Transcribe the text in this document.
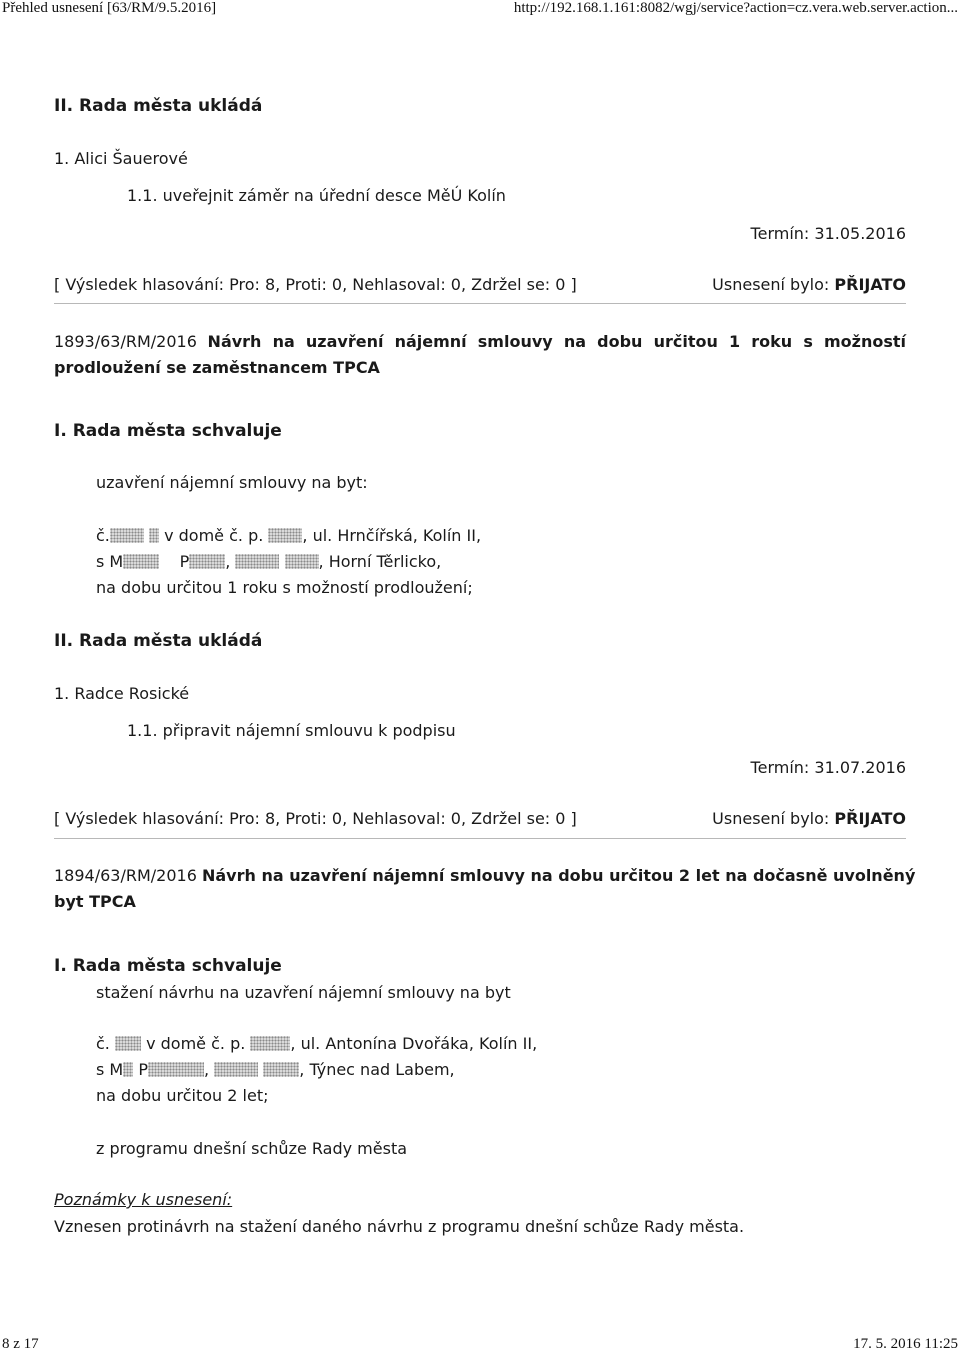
Přehled usnesení [63/RM/9.5.2016]	http://192.168.1.161:8082/wgj/service?action=cz.vera.web.server.action...
II. Rada města ukládá
1. Alici Šauerové
1.1. uveřejnit záměr na úřední desce MěÚ Kolín
Termín: 31.05.2016
[ Výsledek hlasování: Pro: 8, Proti: 0, Nehlasoval: 0, Zdržel se: 0 ]	Usnesení bylo: PŘIJATO
1893/63/RM/2016 Návrh na uzavření nájemní smlouvy na dobu určitou 1 roku s možností
prodloužení se zaměstnancem TPCA
I. Rada města schvaluje
uzavření nájemní smlouvy na byt:
č.	v domě č. p. , ul. Hrnčířská, Kolín II,
s M	P ,	, Horní Těrlicko,
na dobu určitou 1 roku s možností prodloužení;
II. Rada města ukládá
1. Radce Rosické
1.1. připravit nájemní smlouvu k podpisu
Termín: 31.07.2016
[ Výsledek hlasování: Pro: 8, Proti: 0, Nehlasoval: 0, Zdržel se: 0 ]	Usnesení bylo: PŘIJATO
1894/63/RM/2016 Návrh na uzavření nájemní smlouvy na dobu určitou 2 let na dočasně uvolněný
byt TPCA
I. Rada města schvaluje
stažení návrhu na uzavření nájemní smlouvy na byt
č. v domě č. p.	, ul. Antonína Dvořáka, Kolín II,
s M P	,	, Týnec nad Labem,
na dobu určitou 2 let;
z programu dnešní schůze Rady města
Poznámky k usnesení:
Vznesen protinávrh na stažení daného návrhu z programu dnešní schůze Rady města.
8 z 17	17. 5. 2016 11:25
